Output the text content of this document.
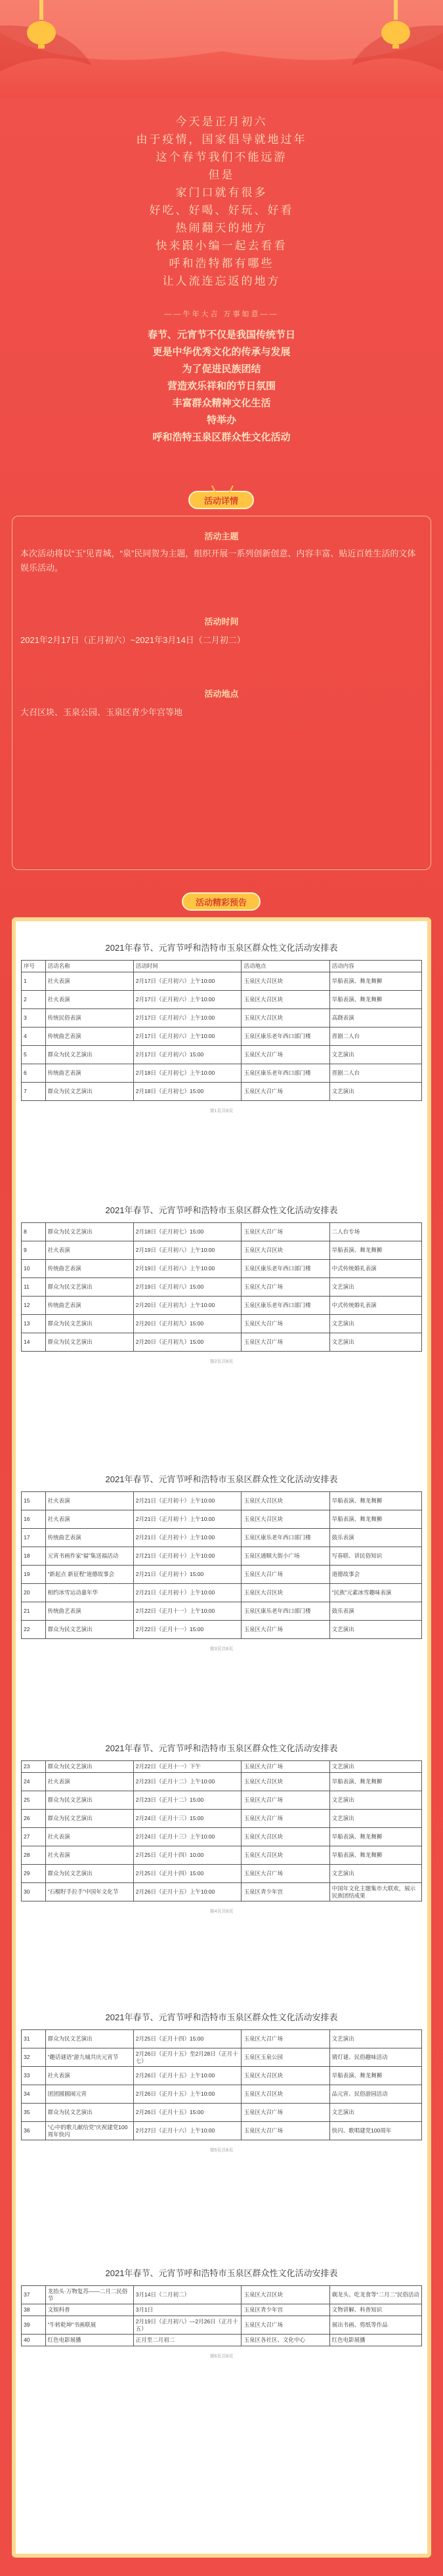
今天是正月初六

由于疫情，国家倡导就地过年

这个春节我们不能远游

但是

家门口就有很多

好吃、好喝、好玩、好看

热闹翻天的地方

快来跟小编一起去看看

呼和浩特都有哪些

让人流连忘返的地方

——牛年大吉 万事如意——

春节、元宵节不仅是我国传统节日

更是中华优秀文化的传承与发展

为了促进民族团结

营造欢乐祥和的节日氛围

丰富群众精神文化生活

特举办

呼和浩特玉泉区群众性文化活动

活动详情
活动主题
本次活动将以“玉”见青城，“泉”民同贺为主题，组织开展一系列创新创意、内容丰富、贴近百姓生活的文体娱乐活动。
活动时间
2021年2月17日（正月初六）~2021年3月14日（二月初二）
活动地点
大召区块、玉泉公园、玉泉区青少年宫等地
活动精彩预告
2021年春节、元宵节呼和浩特市玉泉区群众性文化活动安排表
序号	活动名称	活动时间	活动地点	活动内容
1	社火表演	2月17日（正月初六）上午10:00	玉泉区大召区块	旱船表演、舞龙舞狮
2	社火表演	2月17日（正月初六）上午10:00	玉泉区大召区块	旱船表演、舞龙舞狮
3	传统民俗表演	2月17日（正月初六）上午10:00	玉泉区大召区块	高跷表演
4	传统曲艺表演	2月17日（正月初六）上午10:00	玉泉区康乐老年西口部门楼	晋剧二人台
5	群众为民文艺演出	2月17日（正月初六）15:00	玉泉区大召广场	文艺演出
6	传统曲艺表演	2月18日（正月初七）上午10:00	玉泉区康乐老年西口部门楼	晋剧二人台
7	群众为民文艺演出	2月18日（正月初七）15:00	玉泉区大召广场	文艺演出
第1页共6页
2021年春节、元宵节呼和浩特市玉泉区群众性文化活动安排表
8	群众为民文艺演出	2月18日（正月初七）15:00	玉泉区大召广场	二人台专场
9	社火表演	2月19日（正月初八）上午10:00	玉泉区大召区块	旱船表演、舞龙舞狮
10	传统曲艺表演	2月19日（正月初八）上午10:00	玉泉区康乐老年西口部门楼	中式传统婚礼表演
11	群众为民文艺演出	2月19日（正月初八）15:00	玉泉区大召广场	文艺演出
12	传统曲艺表演	2月20日（正月初九）上午10:00	玉泉区康乐老年西口部门楼	中式传统婚礼表演
13	群众为民文艺演出	2月20日（正月初九）15:00	玉泉区大召广场	文艺演出
14	群众为民文艺演出	2月20日（正月初九）15:00	玉泉区大召广场	文艺演出
第2页共6页
2021年春节、元宵节呼和浩特市玉泉区群众性文化活动安排表
15	社火表演	2月21日（正月初十）上午10:00	玉泉区大召区块	旱船表演、舞龙舞狮
16	社火表演	2月21日（正月初十）上午10:00	玉泉区大召区块	旱船表演、舞龙舞狮
17	传统曲艺表演	2月21日（正月初十）上午10:00	玉泉区康乐老年西口部门楼	鼓乐表演
18	元宵书画作家“福”集送福活动	2月21日（正月初十）上午10:00	玉泉区通顺大街小广场	写春联、讲民俗知识
19	“新起点 新征程”道德故事会	2月21日（正月初十）15:00	玉泉区大召广场	道德故事会
20	相约冰雪运动嘉年华	2月21日（正月初十）上午10:00	玉泉区大召区块	“民族”元素冰雪趣味表演
21	传统曲艺表演	2月22日（正月十一）上午10:00	玉泉区康乐老年西口部门楼	鼓乐表演
22	群众为民文艺演出	2月22日（正月十一）15:00	玉泉区大召广场	文艺演出
第3页共6页
2021年春节、元宵节呼和浩特市玉泉区群众性文化活动安排表
23	群众为民文艺演出	2月22日（正月十一）下午	玉泉区大召广场	文艺演出
24	社火表演	2月23日（正月十二）上午10:00	玉泉区大召区块	旱船表演、舞龙舞狮
25	群众为民文艺演出	2月23日（正月十二）15:00	玉泉区大召广场	文艺演出
26	群众为民文艺演出	2月24日（正月十三）15:00	玉泉区大召广场	文艺演出
27	社火表演	2月24日（正月十三）上午10:00	玉泉区大召区块	旱船表演、舞龙舞狮
28	社火表演	2月25日（正月十四）10:00	玉泉区大召区块	旱船表演、舞龙舞狮
29	群众为民文艺演出	2月25日（正月十四）15:00	玉泉区大召广场	文艺演出
30	“石榴籽手拉手”中国年文化节	2月26日（正月十五）上午10:00	玉泉区青少年宫	中国年文化主题集市大联欢，展示民族团结成果
第4页共6页
2021年春节、元宵节呼和浩特市玉泉区群众性文化活动安排表
31	群众为民文艺演出	2月25日（正月十四）15:00	玉泉区大召广场	文艺演出
32	“趣话谜语”游九城共庆元宵节	2月26日（正月十五）至2月28日（正月十七）	玉泉区玉泉公园	猜灯谜、民俗趣味活动
33	社火表演	2月26日（正月十五）上午10:00	玉泉区大召区块	旱船表演、舞龙舞狮
34	团团圆圆闹元宵	2月26日（正月十五）上午10:00	玉泉区大召区块	品元宵、民俗游园活动
35	群众为民文艺演出	2月26日（正月十五）15:00	玉泉区大召广场	文艺演出
36	“心中的歌儿献给党”庆祝建党100周年快闪	2月27日（正月十六）上午10:00	玉泉区大召广场	快闪、歌唱建党100周年
第5页共6页
2021年春节、元宵节呼和浩特市玉泉区群众性文化活动安排表
37	龙抬头·万物复苏——二月二民俗节	3月14日（二月初二）	玉泉区大召区块	剃龙头、吃龙食等“二月二”民俗活动
38	文娱科普	3月1日	玉泉区青少年宫	文物讲解、科普知识
39	“牛转乾坤”书画联展	2月19日（正月初八）—2月26日（正月十五）	玉泉区大召广场	展出书画、剪纸等作品
40	红色电影展播	正月至二月初二	玉泉区各社区、文化中心	红色电影展播
第6页共6页
